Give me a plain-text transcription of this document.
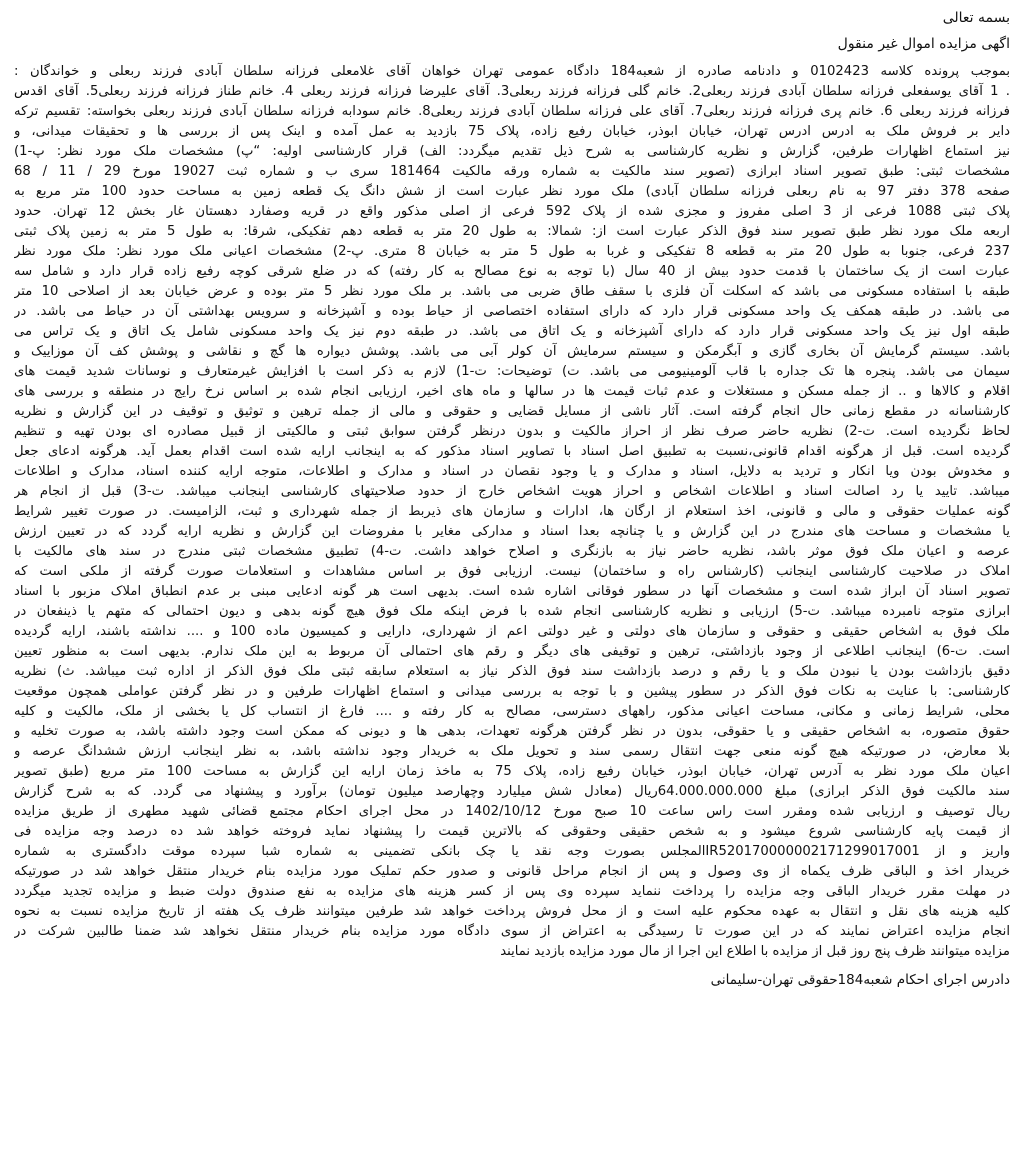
بسمه تعالی
اگهی مزایده اموال غیر منقول
بموجب پرونده کلاسه 0102423 و دادنامه صادره از شعبه184 دادگاه عمومی تهران خواهان آقای غلامعلی فرزانه سلطان آبادی فرزند ربعلی و خواندگان :
. 1 آقای یوسفعلی فرزانه سلطان آبادی فرزند ربعلی2. خانم گلی فرزانه فرزند ربعلی3. آقای علیرضا فرزانه فرزند ربعلی 4. خانم طناز فرزانه فرزند ربعلی5. آقای اقدس
فرزانه فرزند ربعلی 6. خانم پری فرزانه فرزند ربعلی7. آقای علی فرزانه سلطان آبادی فرزند ربعلی8. خانم سودابه فرزانه سلطان آبادی فرزند ربعلی بخواسته: تقسیم ترکه
دایر بر فروش ملک به ادرس ادرس تهران، خیابان ابوذر، خیابان رفیع زاده، پلاک 75 بازدید به عمل آمده و اینک پس از بررسی ها و تحقیقات میدانی، و
نیز استماع اظهارات طرفین، گزارش و نظریه کارشناسی به شرح ذیل تقدیم میگردد: الف) قرار کارشناسی اولیه: “پ) مشخصات ملک مورد نظر: پ-1)
مشخصات ثبتی: طبق تصویر اسناد ابرازی (تصویر سند مالکیت به شماره ورقه مالکیت 181464 سری ب و شماره ثبت 19027 مورخ 29 / 11 / 68
صفحه 378 دفتر 97 به نام ربعلی فرزانه سلطان آبادی) ملک مورد نظر عبارت است از شش دانگ یک قطعه زمین به مساحت حدود 100 متر مربع به
پلاک ثبتی 1088 فرعی از 3 اصلی مفروز و مجزی شده از پلاک 592 فرعی از اصلی مذکور واقع در قریه وصفارد دهستان غار بخش 12 تهران. حدود
اربعه ملک مورد نظر طبق تصویر سند فوق الذکر عبارت است از: شمالا: به طول 20 متر به قطعه دهم تفکیکی، شرقا: به طول 5 متر به زمین پلاک ثبتی
237 فرعی، جنوبا به طول 20 متر به قطعه 8 تفکیکی و غربا به طول 5 متر به خیابان 8 متری. پ-2) مشخصات اعیانی ملک مورد نظر: ملک مورد نظر
عبارت است از یک ساختمان با قدمت حدود بیش از 40 سال (با توجه به نوع مصالح به کار رفته) که در ضلع شرقی کوچه رفیع زاده قرار دارد و شامل سه
طبقه با استفاده مسکونی می باشد که اسکلت آن فلزی با سقف طاق ضربی می باشد. بر ملک مورد نظر 5 متر بوده و عرض خیابان بعد از اصلاحی 10 متر
می باشد. در طبقه همکف یک واحد مسکونی قرار دارد که دارای استفاده اختصاصی از حیاط بوده و آشپزخانه و سرویس بهداشتی آن در حیاط می باشد. در
طبقه اول نیز یک واحد مسکونی قرار دارد که دارای آشپزخانه و یک اتاق می باشد. در طبقه دوم نیز یک واحد مسکونی شامل یک اتاق و یک تراس می
باشد. سیستم گرمایش آن بخاری گازی و آبگرمکن و سیستم سرمایش آن کولر آبی می باشد. پوشش دیواره ها گچ و نقاشی و پوشش کف آن موزاییک و
سیمان می باشد. پنجره ها تک جداره با قاب آلومینیومی می باشد. ت) توضیحات: ت-1) لازم به ذکر است با افزایش غیرمتعارف و نوسانات شدید قیمت های
اقلام و کالاها و .. از جمله مسکن و مستغلات و عدم ثبات قیمت ها در سالها و ماه های اخیر، ارزیابی انجام شده بر اساس نرخ رایج در منطقه و بررسی های
کارشناسانه در مقطع زمانی حال انجام گرفته است. آثار ناشی از مسایل قضایی و حقوقی و مالی از جمله ترهین و توثیق و توقیف در این گزارش و نظریه
لحاظ نگردیده است. ت-2) نظریه حاضر صرف نظر از احراز مالکیت و بدون درنظر گرفتن سوابق ثبتی و مالکیتی از قبیل مصادره ای بودن تهیه و تنظیم
گردیده است. قبل از هرگونه اقدام قانونی،نسبت به تطبیق اصل اسناد با تصاویر اسناد مذکور که به اینجانب ارایه شده است اقدام بعمل آید. هرگونه ادعای جعل
و مخدوش بودن ویا انکار و تردید به دلایل، اسناد و مدارک و یا وجود نقصان در اسناد و مدارک و اطلاعات، متوجه ارایه کننده اسناد، مدارک و اطلاعات
میباشد. تایید یا رد اصالت اسناد و اطلاعات اشخاص و احراز هویت اشخاص خارج از حدود صلاحیتهای کارشناسی اینجانب میباشد. ت-3) قبل از انجام هر
گونه عملیات حقوقی و مالی و قانونی، اخذ استعلام از ارگان ها، ادارات و سازمان های ذیربط از جمله شهرداری و ثبت، الزامیست. در صورت تغییر شرایط
یا مشخصات و مساحت های مندرج در این گزارش و یا چنانچه بعدا اسناد و مدارکی مغایر با مفروضات این گزارش و نظریه ارایه گردد که در تعیین ارزش
عرصه و اعیان ملک فوق موثر باشد، نظریه حاضر نیاز به بازنگری و اصلاح خواهد داشت. ت-4) تطبیق مشخصات ثبتی مندرج در سند های مالکیت با
املاک در صلاحیت کارشناسی اینجانب (کارشناس راه و ساختمان) نیست. ارزیابی فوق بر اساس مشاهدات و استعلامات صورت گرفته از ملکی است که
تصویر اسناد آن ابراز شده است و مشخصات آنها در سطور فوقانی اشاره شده است. بدیهی است هر گونه ادعایی مبنی بر عدم انطباق املاک مزبور با اسناد
ابرازی متوجه نامبرده میباشد. ت-5) ارزیابی و نظریه کارشناسی انجام شده با فرض اینکه ملک فوق هیچ گونه بدهی و دیون احتمالی که متهم یا ذینفعان در
ملک فوق به اشخاص حقیقی و حقوقی و سازمان های دولتی و غیر دولتی اعم از شهرداری، دارایی و کمیسیون ماده 100 و .... نداشته باشند، ارایه گردیده
است. ت-6) اینجانب اطلاعی از وجود بازداشتی، ترهین و توقیفی های دیگر و رقم های احتمالی آن مربوط به این ملک ندارم. بدیهی است به منظور تعیین
دقیق بازداشت بودن یا نبودن ملک و یا رقم و درصد بازداشت سند فوق الذکر نیاز به استعلام سابقه ثبتی ملک فوق الذکر از اداره ثبت میباشد. ث) نظریه
کارشناسی: با عنایت به نکات فوق الذکر در سطور پیشین و با توجه به بررسی میدانی و استماع اظهارات طرفین و در نظر گرفتن عواملی همچون موقعیت
محلی، شرایط زمانی و مکانی، مساحت اعیانی مذکور، راههای دسترسی، مصالح به کار رفته و .... فارغ از انتساب کل یا بخشی از ملک، مالکیت و کلیه
حقوق متصوره، به اشخاص حقیقی و یا حقوقی، بدون در نظر گرفتن هرگونه تعهدات، بدهی ها و دیونی که ممکن است وجود داشته باشد، به صورت تخلیه و
بلا معارض، در صورتیکه هیچ گونه منعی جهت انتقال رسمی سند و تحویل ملک به خریدار وجود نداشته باشد، به نظر اینجانب ارزش ششدانگ عرصه و
اعیان ملک مورد نظر به آدرس تهران، خیابان ابوذر، خیابان رفیع زاده، پلاک 75 به ماخذ زمان ارایه این گزارش به مساحت 100 متر مربع (طبق تصویر
سند مالکیت فوق الذکر ابرازی) مبلغ 64.000.000.000ریال (معادل شش میلیارد وچهارصد میلیون تومان) برآورد و پیشنهاد می گردد. که به شرح گزارش
ریال توصیف و ارزیابی شده ومقرر است راس ساعت 10 صبح مورخ 1402/10/12 در محل اجرای احکام مجتمع قضائی شهید مطهری از طریق مزایده
از قیمت پایه کارشناسی شروع میشود و به شخص حقیقی وحقوقی که بالاترین قیمت را پیشنهاد نماید فروخته خواهد شد ده درصد وجه مزایده فی
واریز و از IR520170000002171299017001المجلس بصورت وجه نقد یا چک بانکی تضمینی به شماره شبا سپرده موقت دادگستری به شماره
خریدار اخذ و الباقی ظرف یکماه از وی وصول و پس از انجام مراحل قانونی و صدور حکم تملیک مورد مزایده بنام خریدار منتقل خواهد شد در صورتیکه
در مهلت مقرر خریدار الباقی وجه مزایده را پرداخت ننماید سپرده وی پس از کسر هزینه های مزایده به نفع صندوق دولت ضبط و مزایده تجدید میگردد
کلیه هزینه های نقل و انتقال به عهده محکوم علیه است و از محل فروش پرداخت خواهد شد طرفین میتوانند ظرف یک هفته از تاریخ مزایده نسبت به نحوه
انجام مزایده اعتراض نمایند که در این صورت تا رسیدگی به اعتراض از سوی دادگاه مورد مزایده بنام خریدار منتقل نخواهد شد ضمنا طالبین شرکت در
مزایده میتوانند ظرف پنج روز قبل از مزایده با اطلاع این اجرا از مال مورد مزایده بازدید نمایند
دادرس اجرای احکام شعبه184حقوقی تهران-سلیمانی
